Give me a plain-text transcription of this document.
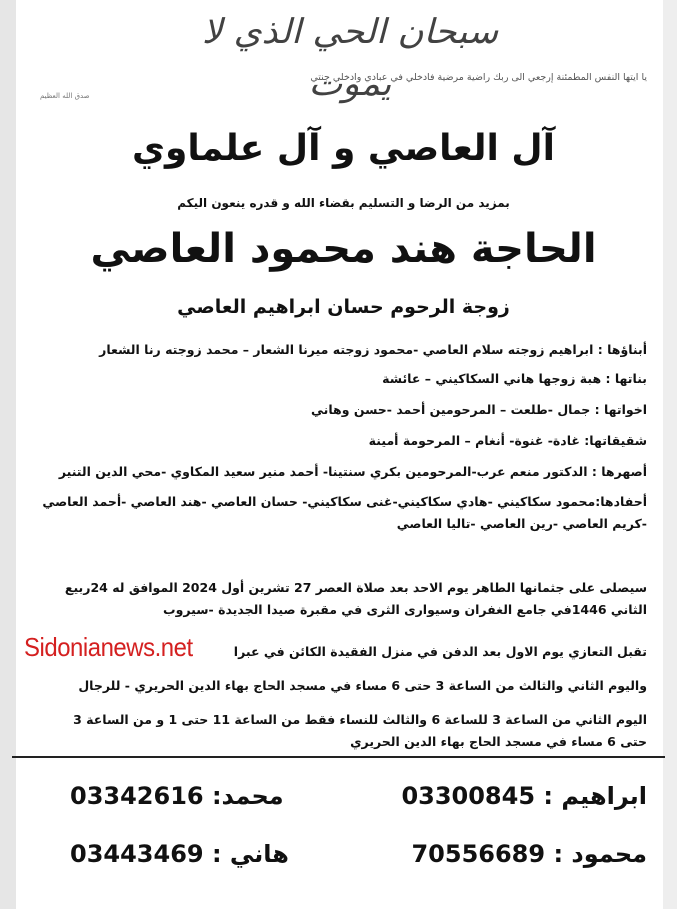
سبحان الحي الذي لا يموت
يا ايتها النفس المطمئنة إرجعي الى ربك راضية مرضية فادخلي في عبادي وادخلي جنتي
صدق الله العظيم
آل العاصي و آل علماوي
بمزيد من الرضا و التسليم بقضاء الله و قدره ينعون اليكم
الحاجة هند محمود العاصي
زوجة الرحوم حسان ابراهيم العاصي
أبناؤها : ابراهيم زوجته سلام العاصي -محمود زوجته ميرنا الشعار – محمد زوجته رنا الشعار
بناتها : هبة زوجها هاني السكاكيني – عائشة
اخواتها : جمال -طلعت – المرحومين أحمد -حسن وهاني
شقيقاتها: غادة- غنوة- أنغام – المرحومة أمينة
أصهرها : الدكتور منعم عرب-المرحومين بكري سنتينا- أحمد منير سعيد المكاوي -محي الدين التنير
أحفادها:محمود سكاكيني -هادي سكاكيني-غنى سكاكيني- حسان العاصي -هند العاصي -أحمد العاصي
-كريم العاصي -رين العاصي -تاليا العاصي
سيصلى على جثمانها الطاهر يوم الاحد بعد صلاة العصر 27 تشرين أول 2024 الموافق له 24ربيع
الثاني 1446في جامع الغفران وسيوارى الثرى في مقبرة صيدا الجديدة -سيروب
تقبل التعازي يوم الاول بعد الدفن في منزل الفقيدة الكائن في عبرا
واليوم الثاني والثالث من الساعة 3 حتى 6 مساء في مسجد الحاج بهاء الدين الحريري - للرجال
اليوم الثاني من الساعة 3 للساعة 6 والثالث للنساء فقط من الساعة 11 حتى 1 و من الساعة 3
حتى 6 مساء في مسجد الحاج بهاء الدين الحريري
ابراهيم : 03300845
محمد: 03342616
محمود : 70556689
هاني : 03443469
Sidonianews.net
